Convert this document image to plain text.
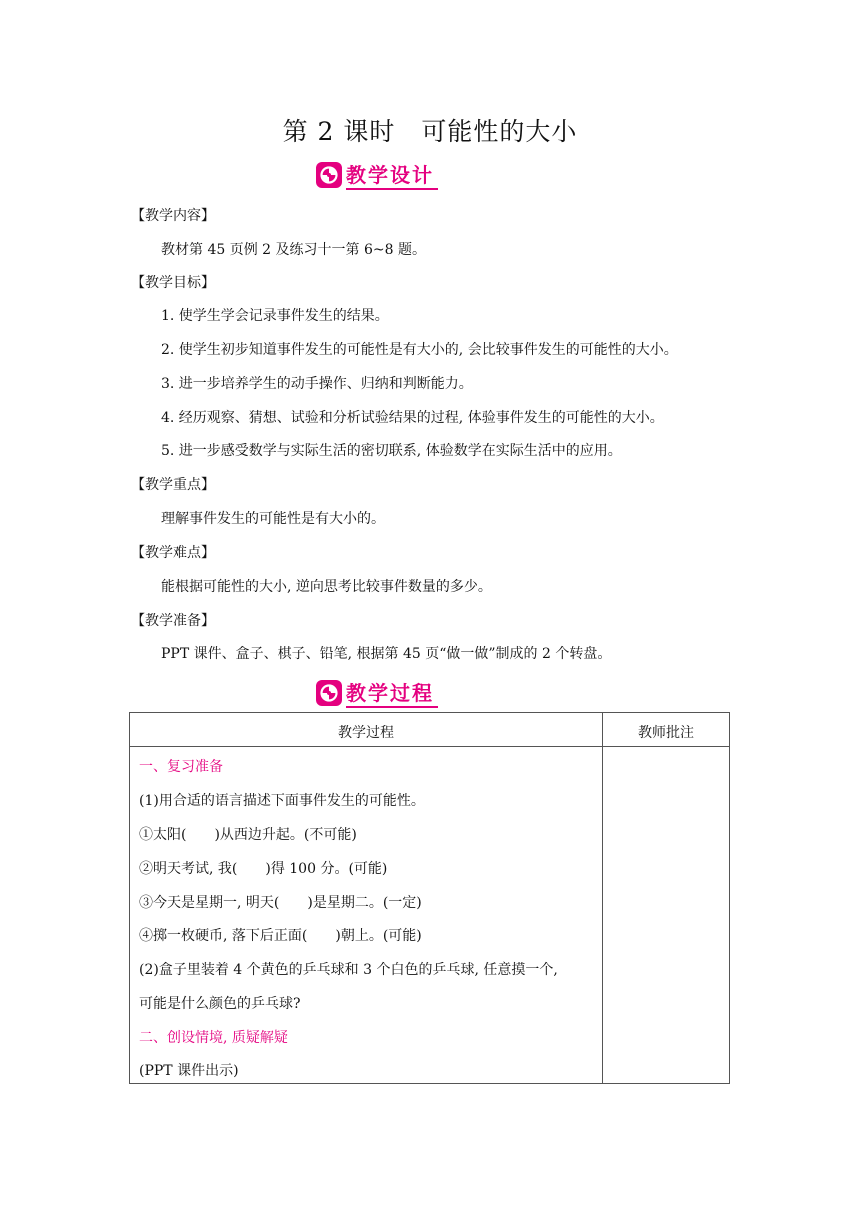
第 2 课时　可能性的大小
教学设计
【教学内容】
教材第 45 页例 2 及练习十一第 6~8 题。
【教学目标】
1. 使学生学会记录事件发生的结果。
2. 使学生初步知道事件发生的可能性是有大小的, 会比较事件发生的可能性的大小。
3. 进一步培养学生的动手操作、归纳和判断能力。
4. 经历观察、猜想、试验和分析试验结果的过程, 体验事件发生的可能性的大小。
5. 进一步感受数学与实际生活的密切联系, 体验数学在实际生活中的应用。
【教学重点】
理解事件发生的可能性是有大小的。
【教学难点】
能根据可能性的大小, 逆向思考比较事件数量的多少。
【教学准备】
PPT 课件、盒子、棋子、铅笔, 根据第 45 页“做一做”制成的 2 个转盘。
教学过程
教学过程	教师批注
一、复习准备
(1)用合适的语言描述下面事件发生的可能性。
①太阳(　　)从西边升起。(不可能)
②明天考试, 我(　　)得 100 分。(可能)
③今天是星期一, 明天(　　)是星期二。(一定)
④掷一枚硬币, 落下后正面(　　)朝上。(可能)
(2)盒子里装着 4 个黄色的乒乓球和 3 个白色的乒乓球, 任意摸一个,
可能是什么颜色的乒乓球?
二、创设情境, 质疑解疑
(PPT 课件出示)
